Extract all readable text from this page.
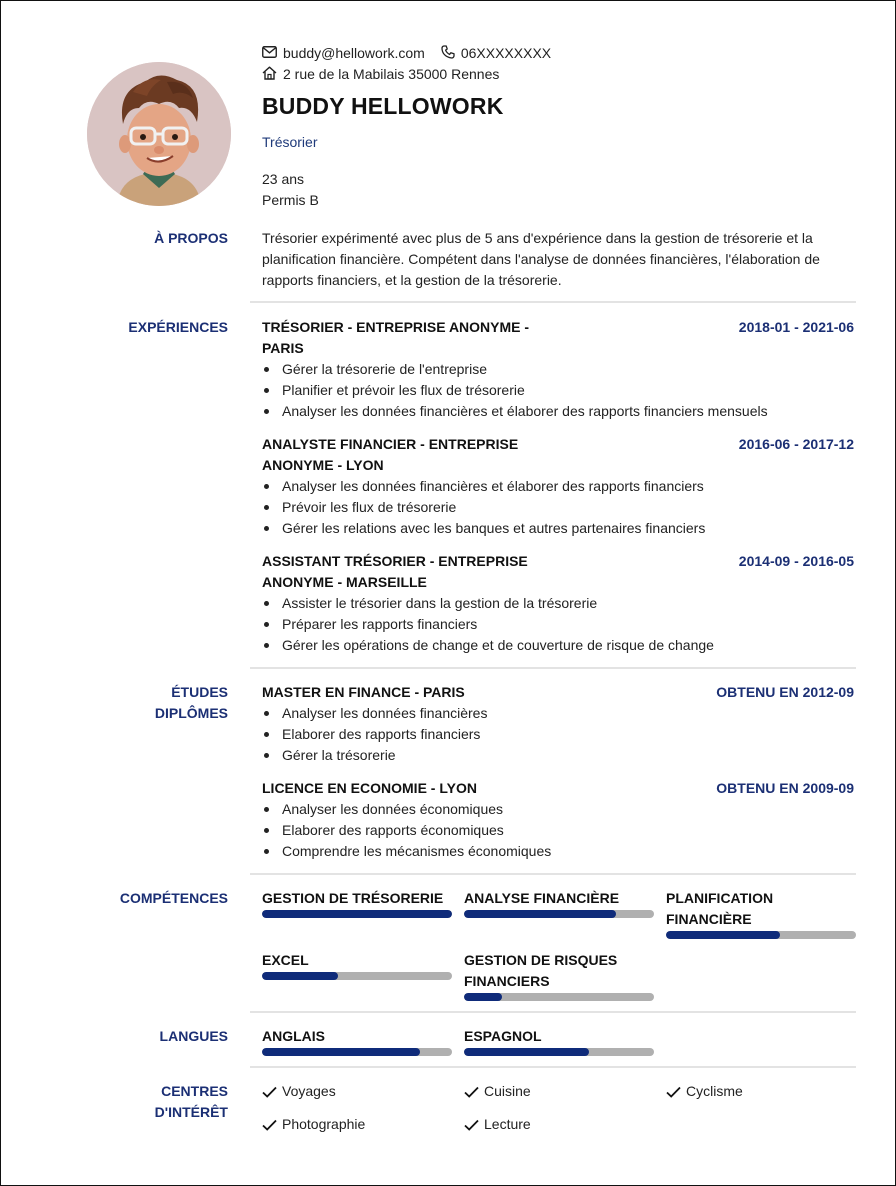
buddy@hellowork.com	06XXXXXXXX
2 rue de la Mabilais 35000 Rennes
BUDDY HELLOWORK
Trésorier
23 ans
Permis B
À PROPOS Trésorier expérimenté avec plus de 5 ans d'expérience dans la gestion de trésorerie et la planification financière. Compétent dans l'analyse de données financières, l'élaboration de rapports financiers, et la gestion de la trésorerie.
EXPÉRIENCES TRÉSORIER - ENTREPRISE ANONYME - PARIS
2018-01 - 2021-06
Gérer la trésorerie de l'entreprise
Planifier et prévoir les flux de trésorerie
Analyser les données financières et élaborer des rapports financiers mensuels
ANALYSTE FINANCIER - ENTREPRISE ANONYME - LYON
2016-06 - 2017-12
Analyser les données financières et élaborer des rapports financiers
Prévoir les flux de trésorerie
Gérer les relations avec les banques et autres partenaires financiers
ASSISTANT TRÉSORIER - ENTREPRISE ANONYME - MARSEILLE
2014-09 - 2016-05
Assister le trésorier dans la gestion de la trésorerie
Préparer les rapports financiers
Gérer les opérations de change et de couverture de risque de change
ÉTUDES
DIPLÔMES
MASTER EN FINANCE - PARIS	OBTENU EN 2012-09
Analyser les données financières
Elaborer des rapports financiers
Gérer la trésorerie
LICENCE EN ECONOMIE - LYON	OBTENU EN 2009-09
Analyser les données économiques
Elaborer des rapports économiques
Comprendre les mécanismes économiques
COMPÉTENCES GESTION DE TRÉSORERIE	ANALYSE FINANCIÈRE	PLANIFICATION FINANCIÈRE
EXCEL	GESTION DE RISQUES FINANCIERS
LANGUES ANGLAIS	ESPAGNOL
CENTRES
D'INTÉRÊT
Voyages	Cuisine	Cyclisme
Photographie	Lecture
